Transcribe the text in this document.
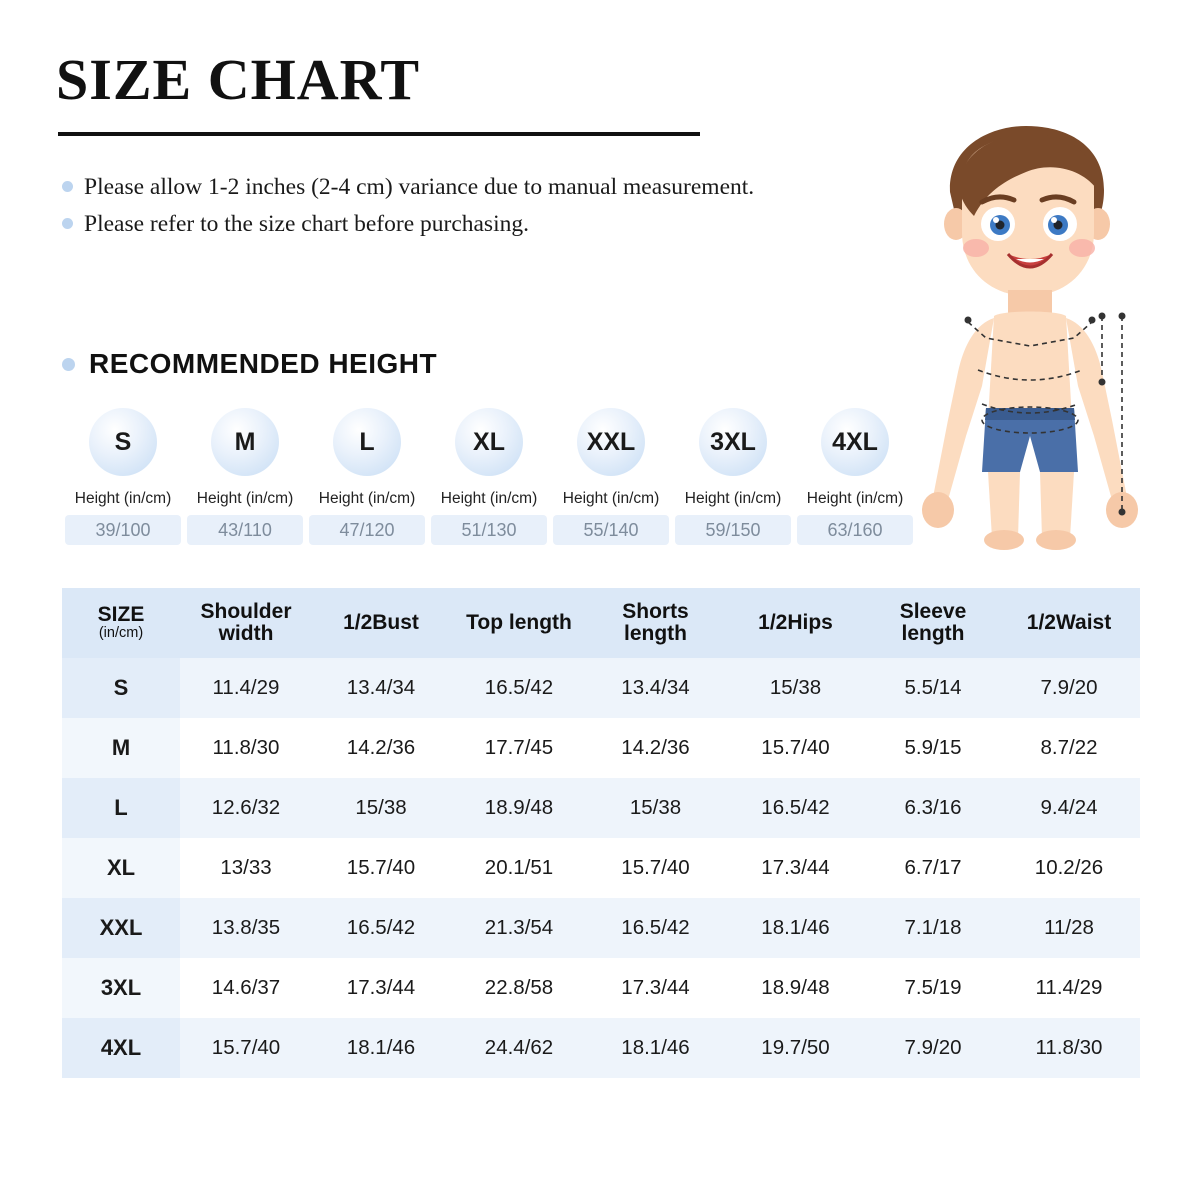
SIZE CHART
Please allow 1-2 inches (2-4 cm) variance due to manual measurement.
Please refer to the size chart before purchasing.
RECOMMENDED HEIGHT
S
Height (in/cm)
39/100
M
Height (in/cm)
43/110
L
Height (in/cm)
47/120
XL
Height (in/cm)
51/130
XXL
Height (in/cm)
55/140
3XL
Height (in/cm)
59/150
4XL
Height (in/cm)
63/160
SIZE
(in/cm)	Shoulder width	1/2Bust	Top length	Shorts length	1/2Hips	Sleeve length	1/2Waist
S	11.4/29	13.4/34	16.5/42	13.4/34	15/38	5.5/14	7.9/20
M	11.8/30	14.2/36	17.7/45	14.2/36	15.7/40	5.9/15	8.7/22
L	12.6/32	15/38	18.9/48	15/38	16.5/42	6.3/16	9.4/24
XL	13/33	15.7/40	20.1/51	15.7/40	17.3/44	6.7/17	10.2/26
XXL	13.8/35	16.5/42	21.3/54	16.5/42	18.1/46	7.1/18	11/28
3XL	14.6/37	17.3/44	22.8/58	17.3/44	18.9/48	7.5/19	11.4/29
4XL	15.7/40	18.1/46	24.4/62	18.1/46	19.7/50	7.9/20	11.8/30
